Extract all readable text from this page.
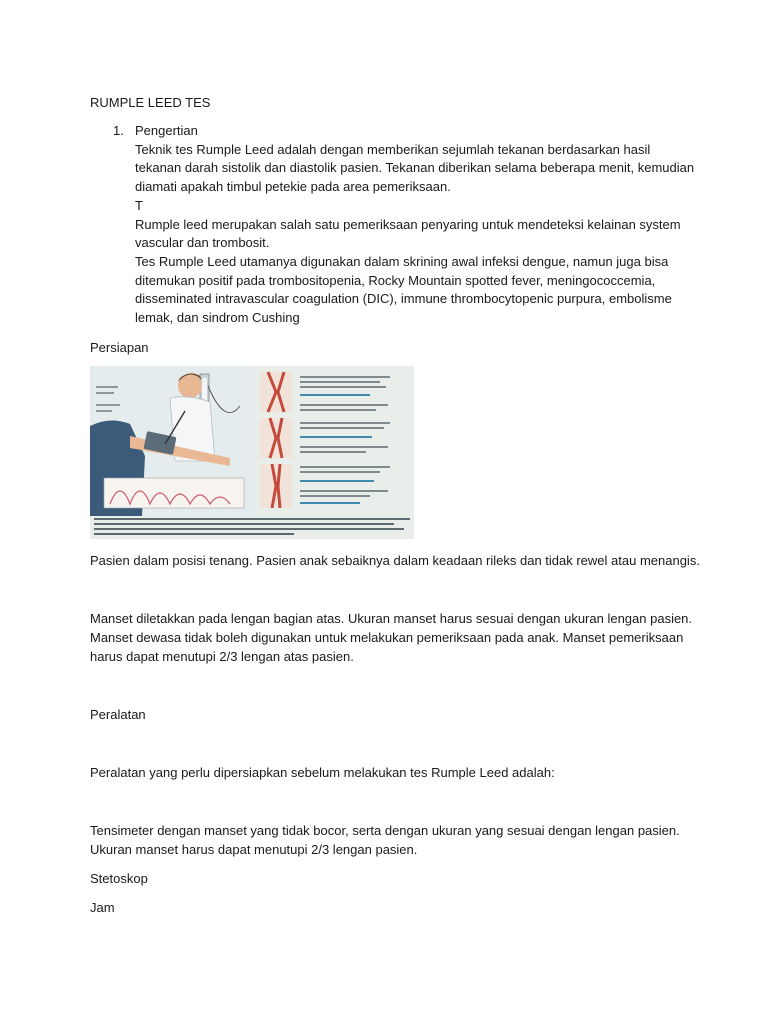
RUMPLE LEED TES

1. Pengertian
Teknik tes Rumple Leed adalah dengan memberikan sejumlah tekanan berdasarkan hasil
tekanan darah sistolik dan diastolik pasien. Tekanan diberikan selama beberapa menit, kemudian
diamati apakah timbul petekie pada area pemeriksaan.
T
Rumple leed merupakan salah satu pemeriksaan penyaring untuk mendeteksi kelainan system
vascular dan trombosit.
Tes Rumple Leed utamanya digunakan dalam skrining awal infeksi dengue, namun juga bisa
ditemukan positif pada trombositopenia, Rocky Mountain spotted fever, meningococcemia,
disseminated intravascular coagulation (DIC), immune thrombocytopenic purpura, embolisme
lemak, dan sindrom Cushing

Persiapan

Pasien dalam posisi tenang. Pasien anak sebaiknya dalam keadaan rileks dan tidak rewel atau menangis.

Manset diletakkan pada lengan bagian atas. Ukuran manset harus sesuai dengan ukuran lengan pasien.

Manset dewasa tidak boleh digunakan untuk melakukan pemeriksaan pada anak. Manset pemeriksaan

harus dapat menutupi 2/3 lengan atas pasien.

Peralatan

Peralatan yang perlu dipersiapkan sebelum melakukan tes Rumple Leed adalah:

Tensimeter dengan manset yang tidak bocor, serta dengan ukuran yang sesuai dengan lengan pasien.

Ukuran manset harus dapat menutupi 2/3 lengan pasien.

Stetoskop

Jam
